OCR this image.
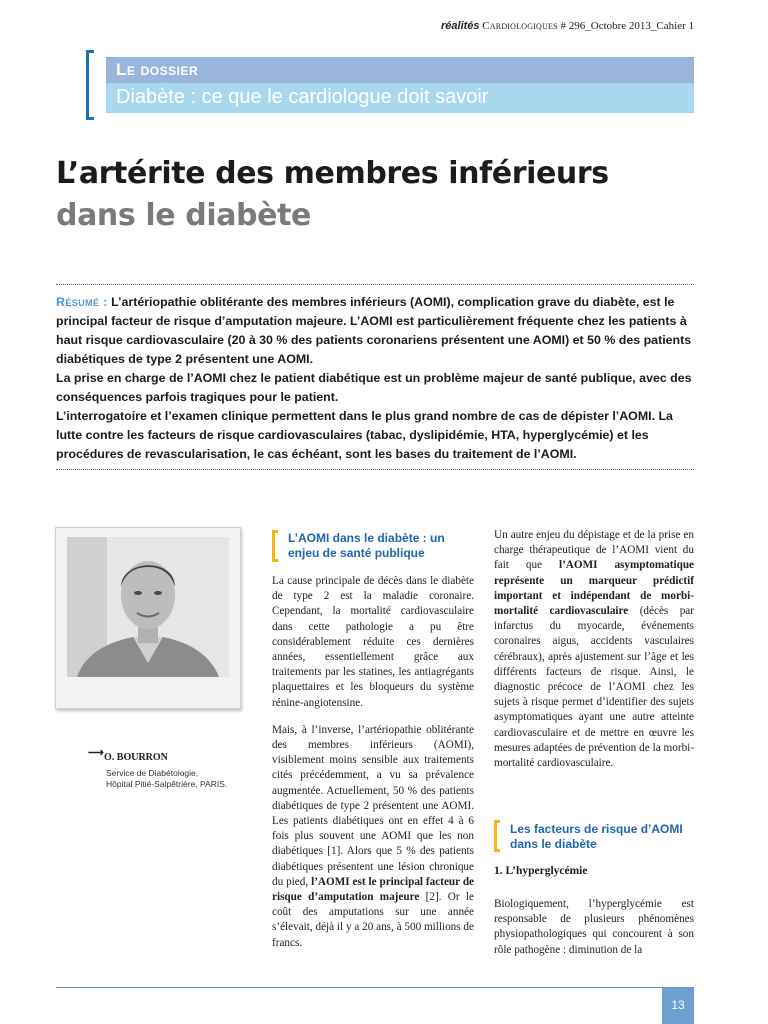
réalités Cardiologiques # 296_Octobre 2013_Cahier 1
Le dossier
Diabète : ce que le cardiologue doit savoir
L’artérite des membres inférieurs
dans le diabète

Résumé : L’artériopathie oblitérante des membres inférieurs (AOMI), complication grave du diabète, est le principal facteur de risque d’amputation majeure. L’AOMI est particulièrement fréquente chez les patients à haut risque cardiovasculaire (20 à 30 % des patients coronariens présentent une AOMI) et 50 % des patients diabétiques de type 2 présentent une AOMI.

La prise en charge de l’AOMI chez le patient diabétique est un problème majeur de santé publique, avec des conséquences parfois tragiques pour le patient.

L’interrogatoire et l’examen clinique permettent dans le plus grand nombre de cas de dépister l’AOMI. La lutte contre les facteurs de risque cardiovasculaires (tabac, dyslipidémie, HTA, hyperglycémie) et les procédures de revascularisation, le cas échéant, sont les bases du traitement de l’AOMI.

⟶ O. BOURRON
Service de Diabétologie,
Hôpital Pitié-Salpêtrière, PARIS.
L’AOMI dans le diabète : un enjeu de santé publique

La cause principale de décès dans le diabète de type 2 est la maladie coronaire. Cependant, la mortalité cardiovasculaire dans cette pathologie a pu être considérablement réduite ces dernières années, essentiellement grâce aux traitements par les statines, les antiagrégants plaquettaires et les bloqueurs du système rénine-angiotensine.

Mais, à l’inverse, l’artériopathie oblitérante des membres inférieurs (AOMI), visiblement moins sensible aux traitements cités précédemment, a vu sa prévalence augmentée. Actuellement, 50 % des patients diabétiques de type 2 présentent une AOMI. Les patients diabétiques ont en effet 4 à 6 fois plus souvent une AOMI que les non diabétiques [1]. Alors que 5 % des patients diabétiques présentent une lésion chronique du pied, l’AOMI est le principal facteur de risque d’amputation majeure [2]. Or le coût des amputations sur une année s’élevait, déjà il y a 20 ans, à 500 millions de francs.

Un autre enjeu du dépistage et de la prise en charge thérapeutique de l’AOMI vient du fait que l’AOMI asymptomatique représente un marqueur prédictif important et indépendant de morbi-mortalité cardiovasculaire (décès par infarctus du myocarde, événements coronaires aigus, accidents vasculaires cérébraux), après ajustement sur l’âge et les différents facteurs de risque. Ainsi, le diagnostic précoce de l’AOMI chez les sujets à risque permet d’identifier des sujets asymptomatiques ayant une autre atteinte cardiovasculaire et de mettre en œuvre les mesures adaptées de prévention de la morbi-mortalité cardiovasculaire.

Les facteurs de risque d’AOMI dans le diabète
1. L’hyperglycémie

Biologiquement, l’hyperglycémie est responsable de plusieurs phénomènes physiopathologiques qui concourent à son rôle pathogène : diminution de la

13
